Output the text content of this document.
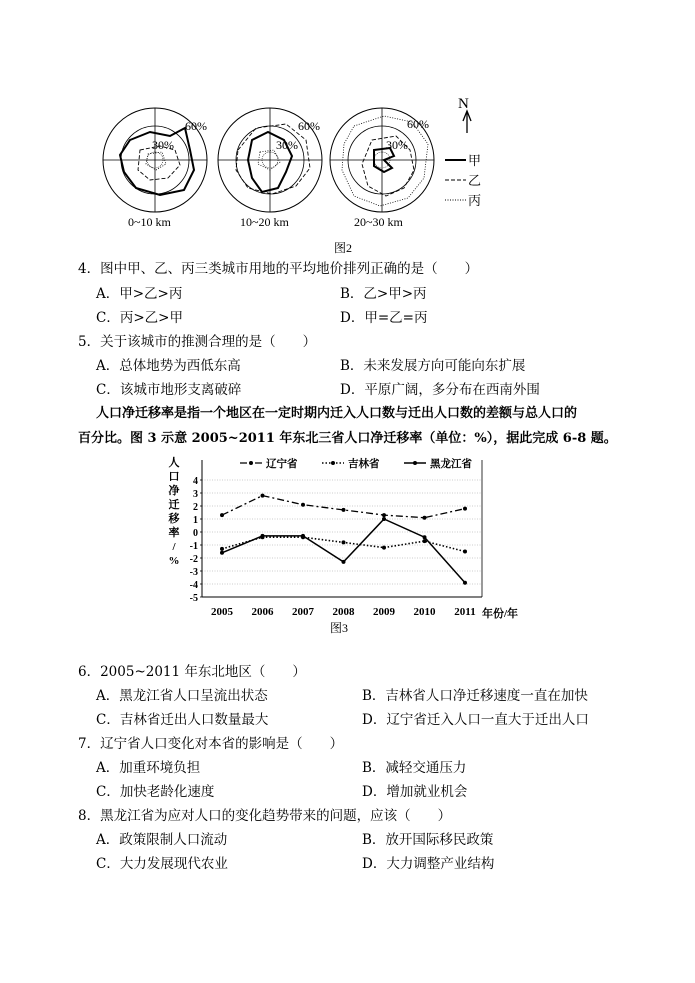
60%
30%
0~10 km
60%
30%
10~20 km
60%
30%
20~30 km
N
甲
乙
丙
图2
4．图中甲、乙、丙三类城市用地的平均地价排列正确的是（　　）
A．甲>乙>丙	B．乙>甲>丙
C．丙>乙>甲	D．甲=乙=丙
5．关于该城市的推测合理的是（　　）
A．总体地势为西低东高	B．未来发展方向可能向东扩展
C．该城市地形支离破碎	D．平原广阔，多分布在西南外围
人口净迁移率是指一个地区在一定时期内迁入人口数与迁出人口数的差额与总人口的
百分比。图 3 示意 2005~2011 年东北三省人口净迁移率（单位：%），据此完成 6-8 题。
人
口
净
迁
移
率
/
%
4
3
2
1
0
-1
-2
-3
-4
-5
2005 2006 2007 2008 2009 2010 2011
辽宁省	吉林省	黑龙江省
年份/年
图3
6．2005~2011 年东北地区（　　）
A．黑龙江省人口呈流出状态	B．吉林省人口净迁移速度一直在加快
C．吉林省迁出人口数量最大	D．辽宁省迁入人口一直大于迁出人口
7．辽宁省人口变化对本省的影响是（　　）
A．加重环境负担	B．减轻交通压力
C．加快老龄化速度	D．增加就业机会
8．黑龙江省为应对人口的变化趋势带来的问题，应该（　　）
A．政策限制人口流动	B．放开国际移民政策
C．大力发展现代农业	D．大力调整产业结构
